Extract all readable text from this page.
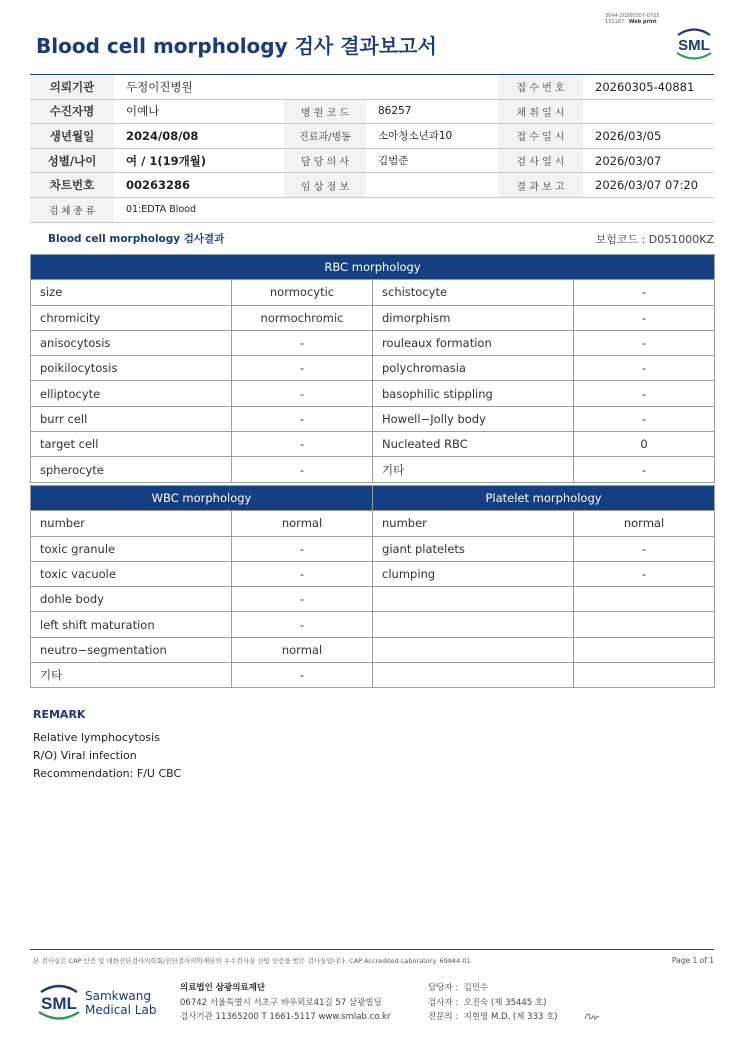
3044-20260307-0725
131187 Web print
Blood cell morphology 검사 결과보고서	SML
의뢰기관	두정이진병원			접 수 번 호	20260305-40881
수진자명	이예나	병 원 코 드	86257	채 취 일 시	
생년월일	2024/08/08	진료과/병동	소아청소년과10	접 수 일 시	2026/03/05
성별/나이	여 / 1(19개월)	담 당 의 사	김범준	검 사 일 시	2026/03/07
차트번호	00263286	임 상 정 보		결 과 보 고	2026/03/07 07:20
검 체 종 류	01:EDTA Blood				
Blood cell morphology 검사결과	보험코드 : D051000KZ
RBC morphology			
size	normocytic	schistocyte	-
chromicity	normochromic	dimorphism	-
anisocytosis	-	rouleaux formation	-
poikilocytosis	-	polychromasia	-
elliptocyte	-	basophilic stippling	-
burr cell	-	Howell−Jolly body	-
target cell	-	Nucleated RBC	0
spherocyte	-	기타	-
WBC morphology		Platelet morphology	
number	normal	number	normal
toxic granule	-	giant platelets	-
toxic vacuole	-	clumping	-
dohle body	-		
left shift maturation	-		
neutro−segmentation	normal		
기타	-		
REMARK
Relative lymphocytosis
R/O) Viral infection
Recommendation: F/U CBC
본 검사실은 CAP 인증 및 대한진단검사의학회/진단검사의학재단의 우수검사실 신임 인증을 받은 검사실입니다. CAP Accredited Laboratory. 69944-01	Page 1 of 1
SML Samkwang
Medical Lab
의료법인 삼광의료재단
06742 서울특별시 서초구 바우뫼로41길 57 삼광빌딩
검사기관 11365200 T 1661-5117 www.smlab.co.kr
담당자 : 김민수
검사자 : 오진숙 (제 35445 호)
전문의 : 지현영 M.D. (제 333 호)
